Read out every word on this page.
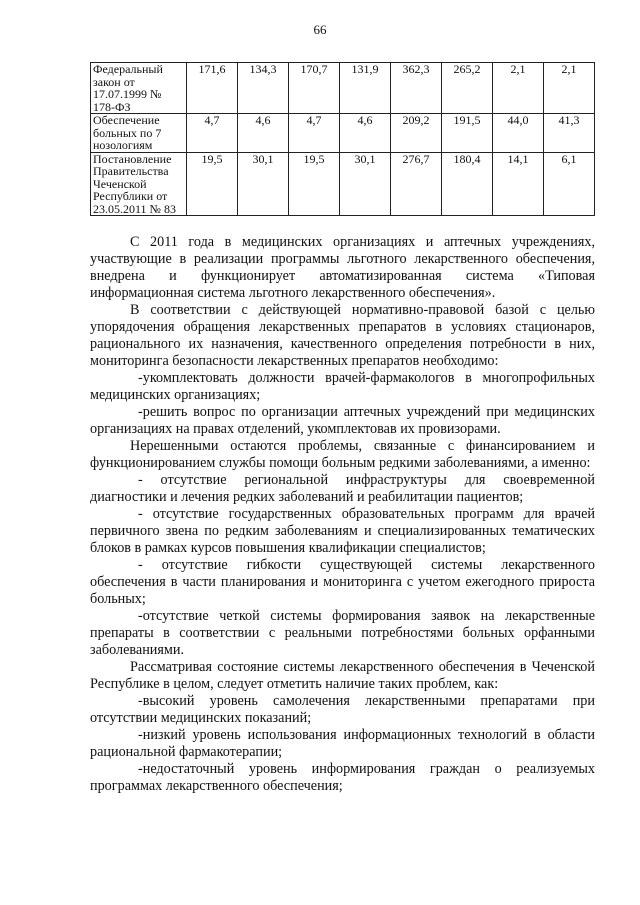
66
Федеральный закон от 17.07.1999 № 178-ФЗ	171,6	134,3	170,7	131,9	362,3	265,2	2,1	2,1
Обеспечение больных по 7 нозологиям	4,7	4,6	4,7	4,6	209,2	191,5	44,0	41,3
Постановление Правительства Чеченской Республики от 23.05.2011 № 83	19,5	30,1	19,5	30,1	276,7	180,4	14,1	6,1

С 2011 года в медицинских организациях и аптечных учреждениях, участвующие в реализации программы льготного лекарственного обеспечения, внедрена и функционирует автоматизированная система «Типовая информационная система льготного лекарственного обеспечения».

В соответствии с действующей нормативно-правовой базой с целью упорядочения обращения лекарственных препаратов в условиях стационаров, рационального их назначения, качественного определения потребности в них, мониторинга безопасности лекарственных препаратов необходимо:

-укомплектовать должности врачей-фармакологов в многопрофильных медицинских организациях;

-решить вопрос по организации аптечных учреждений при медицинских организациях на правах отделений, укомплектовав их провизорами.

Нерешенными остаются проблемы, связанные с финансированием и функционированием службы помощи больным редкими заболеваниями, а именно:

- отсутствие региональной инфраструктуры для своевременной диагностики и лечения редких заболеваний и реабилитации пациентов;

- отсутствие государственных образовательных программ для врачей первичного звена по редким заболеваниям и специализированных тематических блоков в рамках курсов повышения квалификации специалистов;

- отсутствие гибкости существующей системы лекарственного обеспечения в части планирования и мониторинга с учетом ежегодного прироста больных;

-отсутствие четкой системы формирования заявок на лекарственные препараты в соответствии с реальными потребностями больных орфанными заболеваниями.

Рассматривая состояние системы лекарственного обеспечения в Чеченской Республике в целом, следует отметить наличие таких проблем, как:

-высокий уровень самолечения лекарственными препаратами при отсутствии медицинских показаний;

-низкий уровень использования информационных технологий в области рациональной фармакотерапии;

-недостаточный уровень информирования граждан о реализуемых программах лекарственного обеспечения;
